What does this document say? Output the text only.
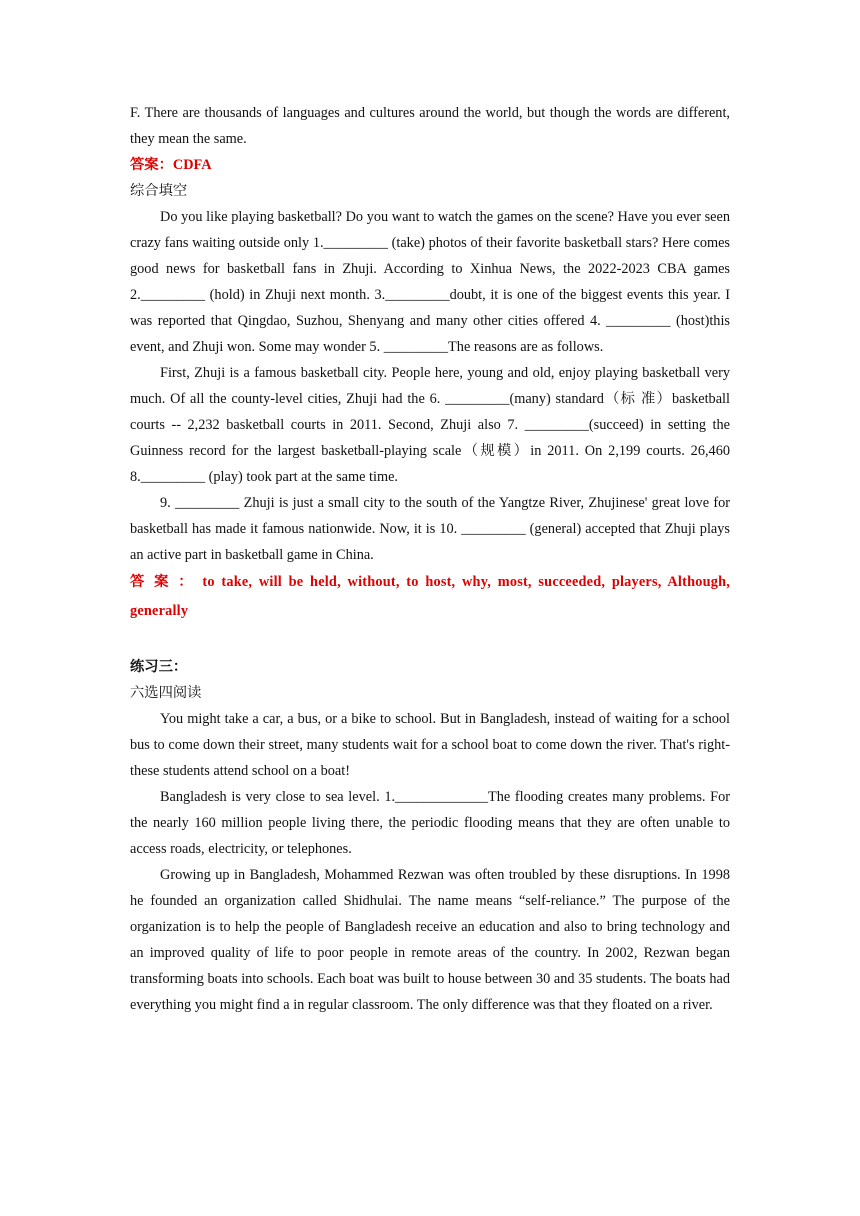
F. There are thousands of languages and cultures around the world, but though the words are different, they mean the same.

答案：CDFA

综合填空

Do you like playing basketball? Do you want to watch the games on the scene? Have you ever seen crazy fans waiting outside only 1._________ (take) photos of their favorite basketball stars? Here comes good news for basketball fans in Zhuji. According to Xinhua News, the 2022-2023 CBA games 2._________ (hold) in Zhuji next month. 3._________doubt, it is one of the biggest events this year. I was reported that Qingdao, Suzhou, Shenyang and many other cities offered 4. _________ (host)this event, and Zhuji won. Some may wonder 5. _________The reasons are as follows.

First, Zhuji is a famous basketball city. People here, young and old, enjoy playing basketball very much. Of all the county-level cities, Zhuji had the 6. _________(many) standard（标 准）basketball courts -- 2,232 basketball courts in 2011. Second, Zhuji also 7. _________(succeed) in setting the Guinness record for the largest basketball-playing scale（规模）in 2011. On 2,199 courts. 26,460 8._________ (play) took part at the same time.

9. _________ Zhuji is just a small city to the south of the Yangtze River, Zhujinese' great love for basketball has made it famous nationwide. Now, it is 10. _________ (general) accepted that Zhuji plays an active part in basketball game in China.

答 案 ： to take, will be held, without, to host, why, most, succeeded, players, Although, generally

练习三：

六选四阅读

You might take a car, a bus, or a bike to school. But in Bangladesh, instead of waiting for a school bus to come down their street, many students wait for a school boat to come down the river. That's right-these students attend school on a boat!

Bangladesh is very close to sea level. 1._____________The flooding creates many problems. For the nearly 160 million people living there, the periodic flooding means that they are often unable to access roads, electricity, or telephones.

Growing up in Bangladesh, Mohammed Rezwan was often troubled by these disruptions. In 1998 he founded an organization called Shidhulai. The name means “self-reliance.” The purpose of the organization is to help the people of Bangladesh receive an education and also to bring technology and an improved quality of life to poor people in remote areas of the country. In 2002, Rezwan began transforming boats into schools. Each boat was built to house between 30 and 35 students. The boats had everything you might find a in regular classroom. The only difference was that they floated on a river.
